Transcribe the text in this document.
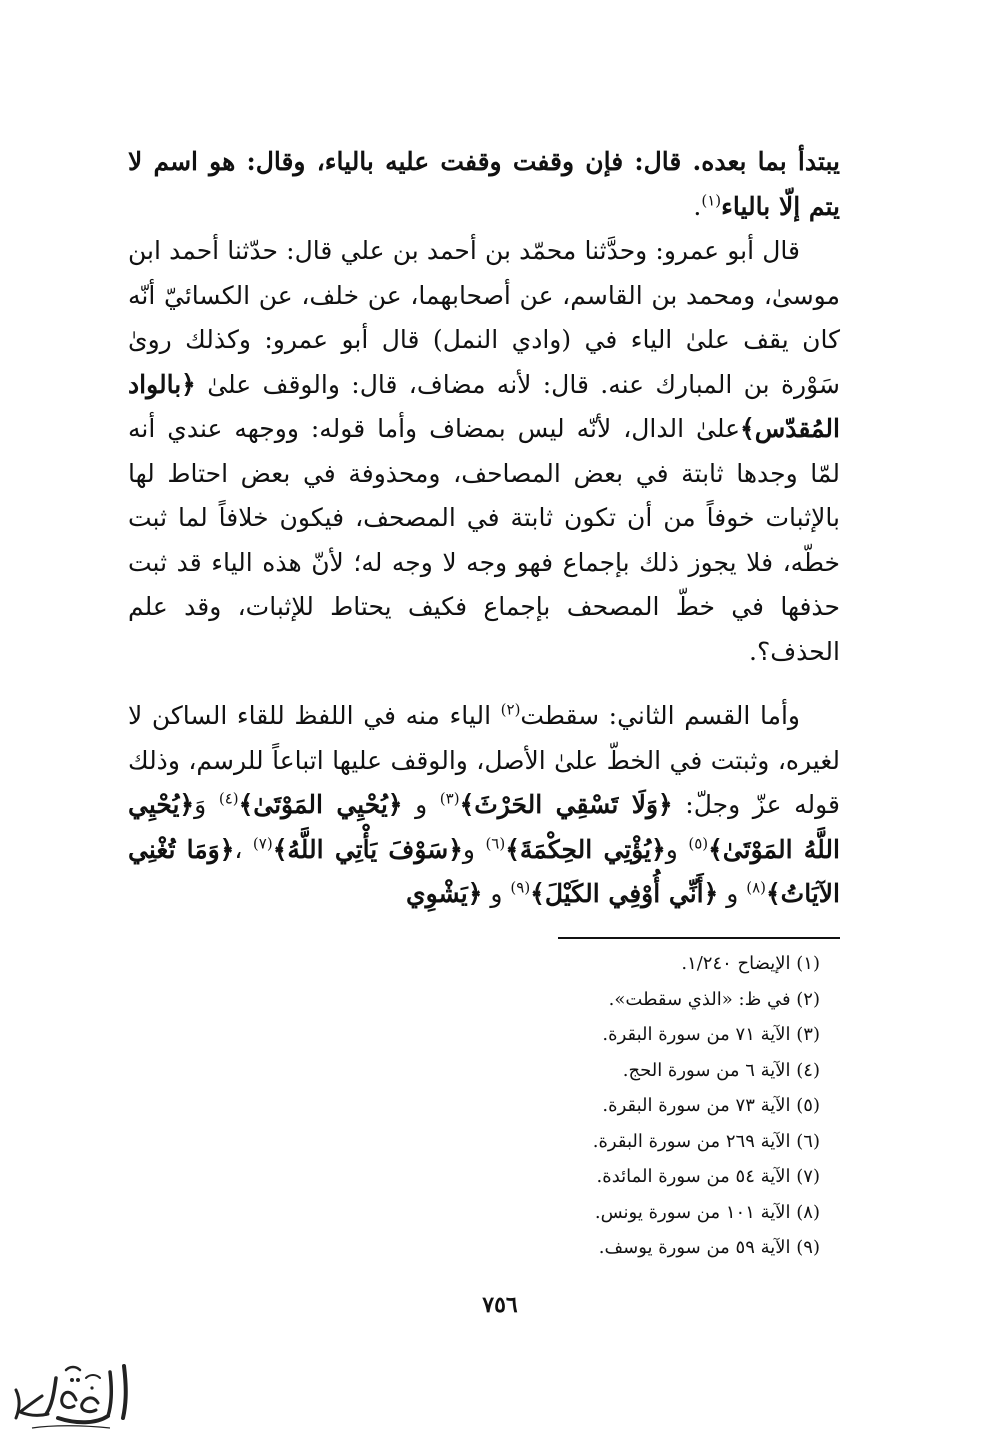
يبتدأ بما بعده. قال: فإن وقفت وقفت عليه بالياء، وقال: هو اسم لا يتم إلّا بالياء$^{(١)}$.

قال أبو عمرو: وحدَّثنا محمّد بن أحمد بن علي قال: حدّثنا أحمد ابن موسىٰ، ومحمد بن القاسم، عن أصحابهما، عن خلف، عن الكسائيّ أنّه كان يقف علىٰ الياء في (وادي النمل) قال أبو عمرو: وكذلك روىٰ سَوْرة بن المبارك عنه. قال: لأنه مضاف، قال: والوقف علىٰ ﴿بالواد المُقدّس﴾علىٰ الدال، لأنّه ليس بمضاف وأما قوله: ووجهه عندي أنه لمّا وجدها ثابتة في بعض المصاحف، ومحذوفة في بعض احتاط لها بالإثبات خوفاً من أن تكون ثابتة في المصحف، فيكون خلافاً لما ثبت خطّه، فلا يجوز ذلك بإجماع فهو وجه لا وجه له؛ لأنّ هذه الياء قد ثبت حذفها في خطّ المصحف بإجماع فكيف يحتاط للإثبات، وقد علم الحذف؟.

وأما القسم الثاني: سقطت$^{(٢)}$ الياء منه في اللفظ للقاء الساكن لا لغيره، وثبتت في الخطّ علىٰ الأصل، والوقف عليها اتباعاً للرسم، وذلك قوله عزّ وجلّ: ﴿وَلَا تَسْقِي الحَرْثَ﴾$^{(٣)}$ و ﴿يُحْيِي المَوْتَىٰ﴾$^{(٤)}$ وَ﴿يُحْيِي اللَّهُ المَوْتَىٰ﴾$^{(٥)}$ و﴿يُؤْتِي الحِكْمَةَ﴾$^{(٦)}$ و﴿سَوْفَ يَأْتِي اللَّهُ﴾$^{(٧)}$ ،﴿وَمَا تُغْنِي الآيَاتُ﴾$^{(٨)}$ و ﴿أَنِّي أُوْفِي الكَيْلَ﴾$^{(٩)}$ و ﴿يَشْوِي

(١) الإيضاح ١/٢٤٠.

(٢) في ظ: «الذي سقطت».

(٣) الآية ٧١ من سورة البقرة.

(٤) الآية ٦ من سورة الحج.

(٥) الآية ٧٣ من سورة البقرة.

(٦) الآية ٢٦٩ من سورة البقرة.

(٧) الآية ٥٤ من سورة المائدة.

(٨) الآية ١٠١ من سورة يونس.

(٩) الآية ٥٩ من سورة يوسف.

٧٥٦
